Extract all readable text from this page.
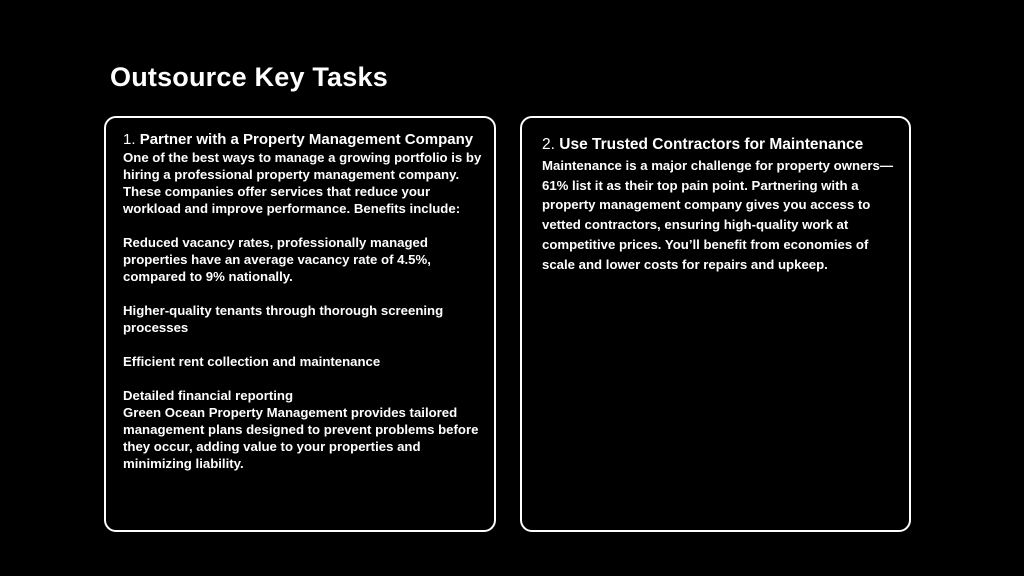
Outsource Key Tasks
1. Partner with a Property Management Company

One of the best ways to manage a growing portfolio is by hiring a professional property management company. These companies offer services that reduce your workload and improve performance. Benefits include:

Reduced vacancy rates, professionally managed properties have an average vacancy rate of 4.5%, compared to 9% nationally.

Higher-quality tenants through thorough screening processes

Efficient rent collection and maintenance

Detailed financial reporting

Green Ocean Property Management provides tailored management plans designed to prevent problems before they occur, adding value to your properties and minimizing liability.

2. Use Trusted Contractors for Maintenance

Maintenance is a major challenge for property owners—61% list it as their top pain point. Partnering with a property management company gives you access to vetted contractors, ensuring high-quality work at competitive prices. You’ll benefit from economies of scale and lower costs for repairs and upkeep.
